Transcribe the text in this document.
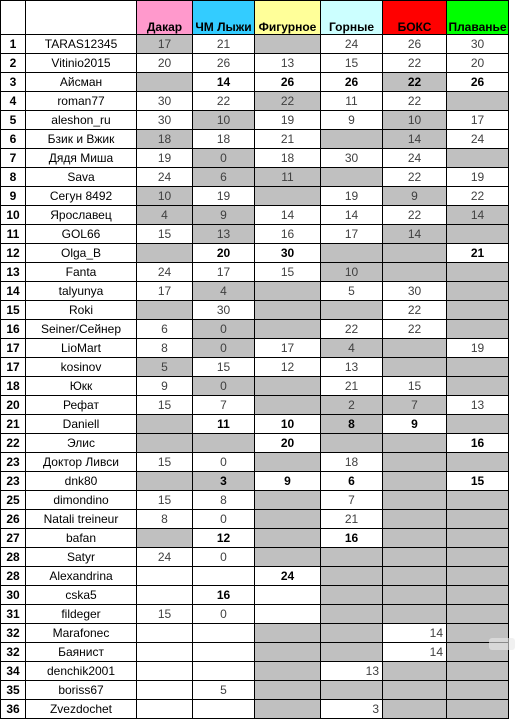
		Дакар	ЧМ Лыжи	Фигурное	Горные	БОКС	Плаванье
1	TARAS12345	17	21		24	26	30
2	Vitinio2015	20	26	13	15	22	20
3	Айсман		14	26	26	22	26
4	roman77	30	22	22	11	22	
5	aleshon_ru	30	10	19	9	10	17
6	Бзик и Вжик	18	18	21		14	24
7	Дядя Миша	19	0	18	30	24	
8	Sava	24	6	11		22	19
9	Сегун 8492	10	19		19	9	22
10	Ярославец	4	9	14	14	22	14
11	GOL66	15	13	16	17	14	
12	Olga_B		20	30			21
13	Fanta	24	17	15	10		
14	talyunya	17	4		5	30	
15	Roki		30			22	
16	Seiner/Сейнер	6	0		22	22	
17	LioMart	8	0	17	4		19
17	kosinov	5	15	12	13		
18	Юкк	9	0		21	15	
20	Рефат	15	7		2	7	13
21	Daniell		11	10	8	9	
22	Элис			20			16
23	Доктор Ливси	15	0		18		
23	dnk80		3	9	6		15
25	dimondino	15	8		7		
26	Natali treineur	8	0		21		
27	bafan		12		16		
28	Satyr	24	0				
28	Alexandrina			24			
30	cska5		16				
31	fildeger	15	0				
32	Marafonec					14	
32	Баянист					14	
34	denchik2001				13		
35	boriss67		5				
36	Zvezdochet				3		
